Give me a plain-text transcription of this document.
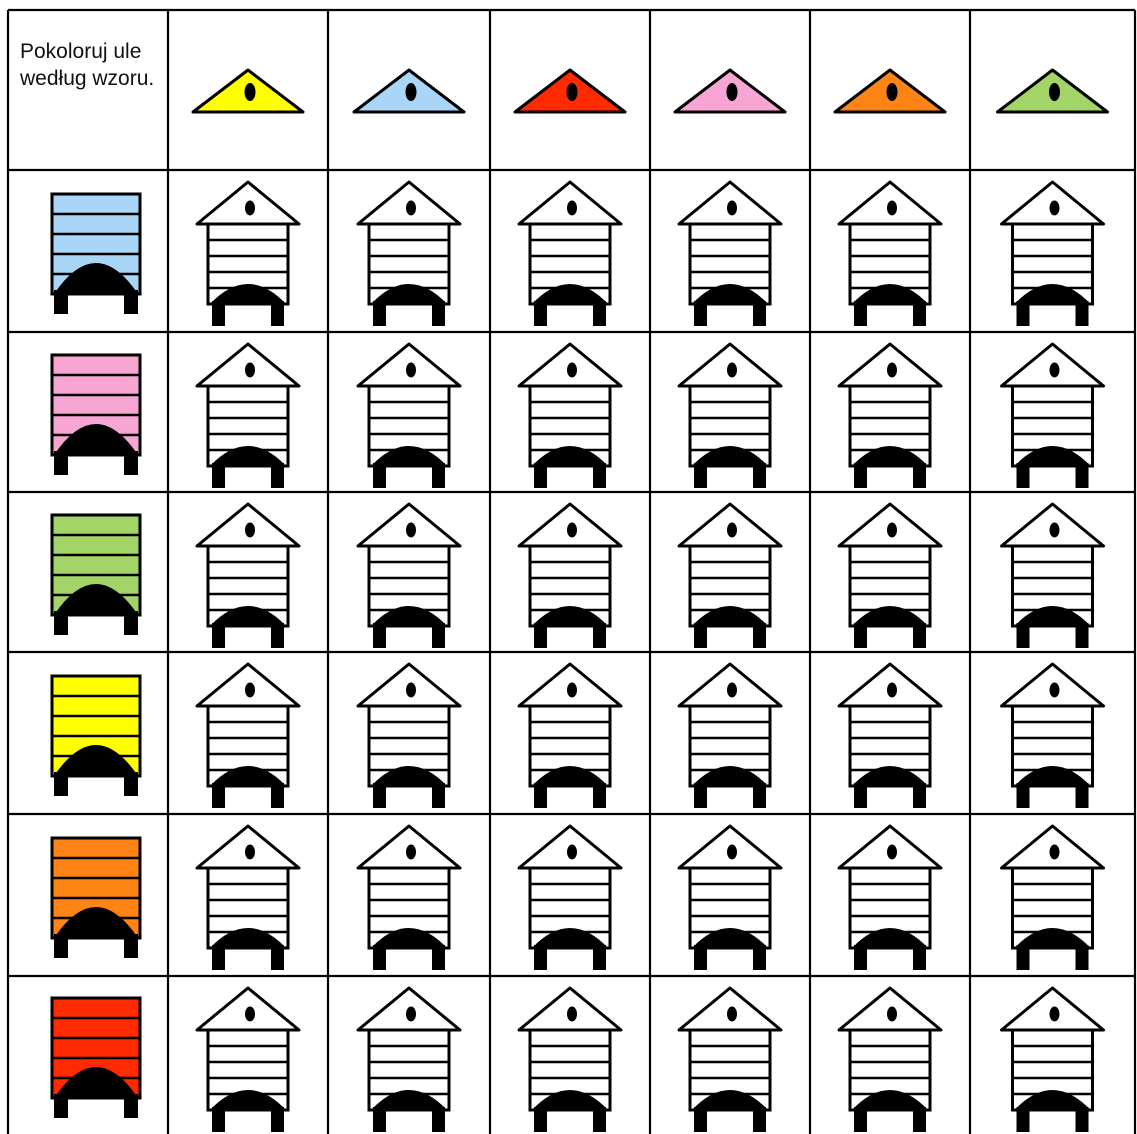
Pokoloruj ule według wzoru.
